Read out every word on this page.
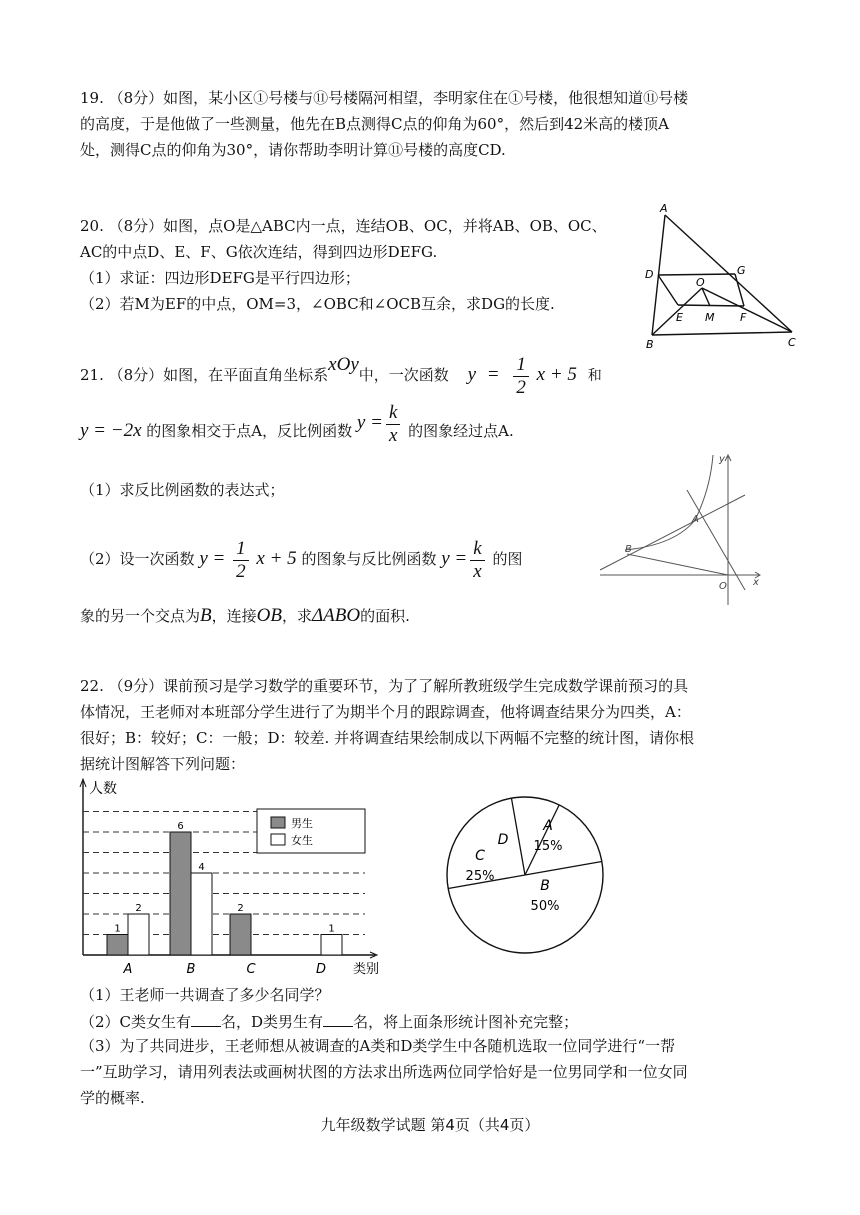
19. （8分）如图，某小区①号楼与⑪号楼隔河相望，李明家住在①号楼，他很想知道⑪号楼
的高度，于是他做了一些测量，他先在B点测得C点的仰角为60°，然后到42米高的楼顶A
处，测得C点的仰角为30°，请你帮助李明计算⑪号楼的高度CD.
20. （8分）如图，点O是△ABC内一点，连结OB、OC，并将AB、OB、OC、
AC的中点D、E、F、G依次连结，得到四边形DEFG.
（1）求证：四边形DEFG是平行四边形；
（2）若M为EF的中点，OM=3，∠OBC和∠OCB互余，求DG的长度.
A
D	G
O
E M F
B	C
21. （8分）如图，在平面直角坐标系xOy中，一次函数 $y = \frac{1}{2}$ x + 5 和
y = −2x 的图象相交于点A，反比例函数 $y = \frac{k}{x}$ 的图象经过点A.
（1）求反比例函数的表达式；
（2）设一次函数 $y = \frac{1}{2}$ x + 5 的图象与反比例函数 $y = \frac{k}{x}$ 的图
象的另一个交点为B，连接OB，求ΔABO的面积.
y
x
A
B
O
22. （9分）课前预习是学习数学的重要环节，为了了解所教班级学生完成数学课前预习的具
体情况，王老师对本班部分学生进行了为期半个月的跟踪调查，他将调查结果分为四类，A：
很好；B：较好；C：一般；D：较差. 并将调查结果绘制成以下两幅不完整的统计图，请你根
据统计图解答下列问题：
人数
类别
A
1
2
B
6
4
C
2
D
1
男生
女生
A
15%
B
50%
C
25%
D
（1）王老师一共调查了多少名同学？
（2）C类女生有 名，D类男生有 名，将上面条形统计图补充完整；
（3）为了共同进步，王老师想从被调查的A类和D类学生中各随机选取一位同学进行“一帮
一”互助学习，请用列表法或画树状图的方法求出所选两位同学恰好是一位男同学和一位女同
学的概率.
九年级数学试题 第4页（共4页）
